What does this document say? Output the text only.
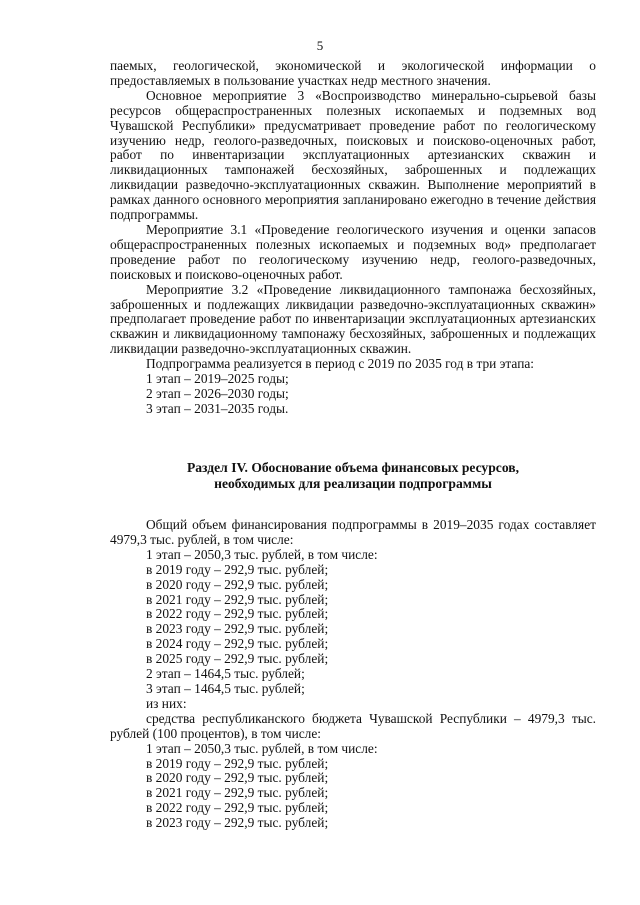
5

паемых, геологической, экономической и экологической информации о предоставляемых в пользование участках недр местного значения.

Основное мероприятие 3 «Воспроизводство минерально-сырьевой базы ресурсов общераспространенных полезных ископаемых и подземных вод Чувашской Республики» предусматривает проведение работ по геологическому изучению недр, геолого-разведочных, поисковых и поисково-оценочных работ, работ по инвентаризации эксплуатационных артезианских скважин и ликвидационных тампонажей бесхозяйных, заброшенных и подлежащих ликвидации разведочно-эксплуатационных скважин. Выполнение мероприятий в рамках данного основного мероприятия запланировано ежегодно в течение действия подпрограммы.

Мероприятие 3.1 «Проведение геологического изучения и оценки запасов общераспространенных полезных ископаемых и подземных вод» предполагает проведение работ по геологическому изучению недр, геолого-разведочных, поисковых и поисково-оценочных работ.

Мероприятие 3.2 «Проведение ликвидационного тампонажа бесхозяйных, заброшенных и подлежащих ликвидации разведочно-эксплуатационных скважин» предполагает проведение работ по инвентаризации эксплуатационных артезианских скважин и ликвидационному тампонажу бесхозяйных, заброшенных и подлежащих ликвидации разведочно-эксплуатационных скважин.

Подпрограмма реализуется в период с 2019 по 2035 год в три этапа:

1 этап – 2019–2025 годы;

2 этап – 2026–2030 годы;

3 этап – 2031–2035 годы.

Раздел IV. Обоснование объема финансовых ресурсов,
необходимых для реализации подпрограммы

Общий объем финансирования подпрограммы в 2019–2035 годах составляет 4979,3 тыс. рублей, в том числе:

1 этап – 2050,3 тыс. рублей, в том числе:

в 2019 году – 292,9 тыс. рублей;

в 2020 году – 292,9 тыс. рублей;

в 2021 году – 292,9 тыс. рублей;

в 2022 году – 292,9 тыс. рублей;

в 2023 году – 292,9 тыс. рублей;

в 2024 году – 292,9 тыс. рублей;

в 2025 году – 292,9 тыс. рублей;

2 этап – 1464,5 тыс. рублей;

3 этап – 1464,5 тыс. рублей;

из них:

средства республиканского бюджета Чувашской Республики – 4979,3 тыс. рублей (100 процентов), в том числе:

1 этап – 2050,3 тыс. рублей, в том числе:

в 2019 году – 292,9 тыс. рублей;

в 2020 году – 292,9 тыс. рублей;

в 2021 году – 292,9 тыс. рублей;

в 2022 году – 292,9 тыс. рублей;

в 2023 году – 292,9 тыс. рублей;
